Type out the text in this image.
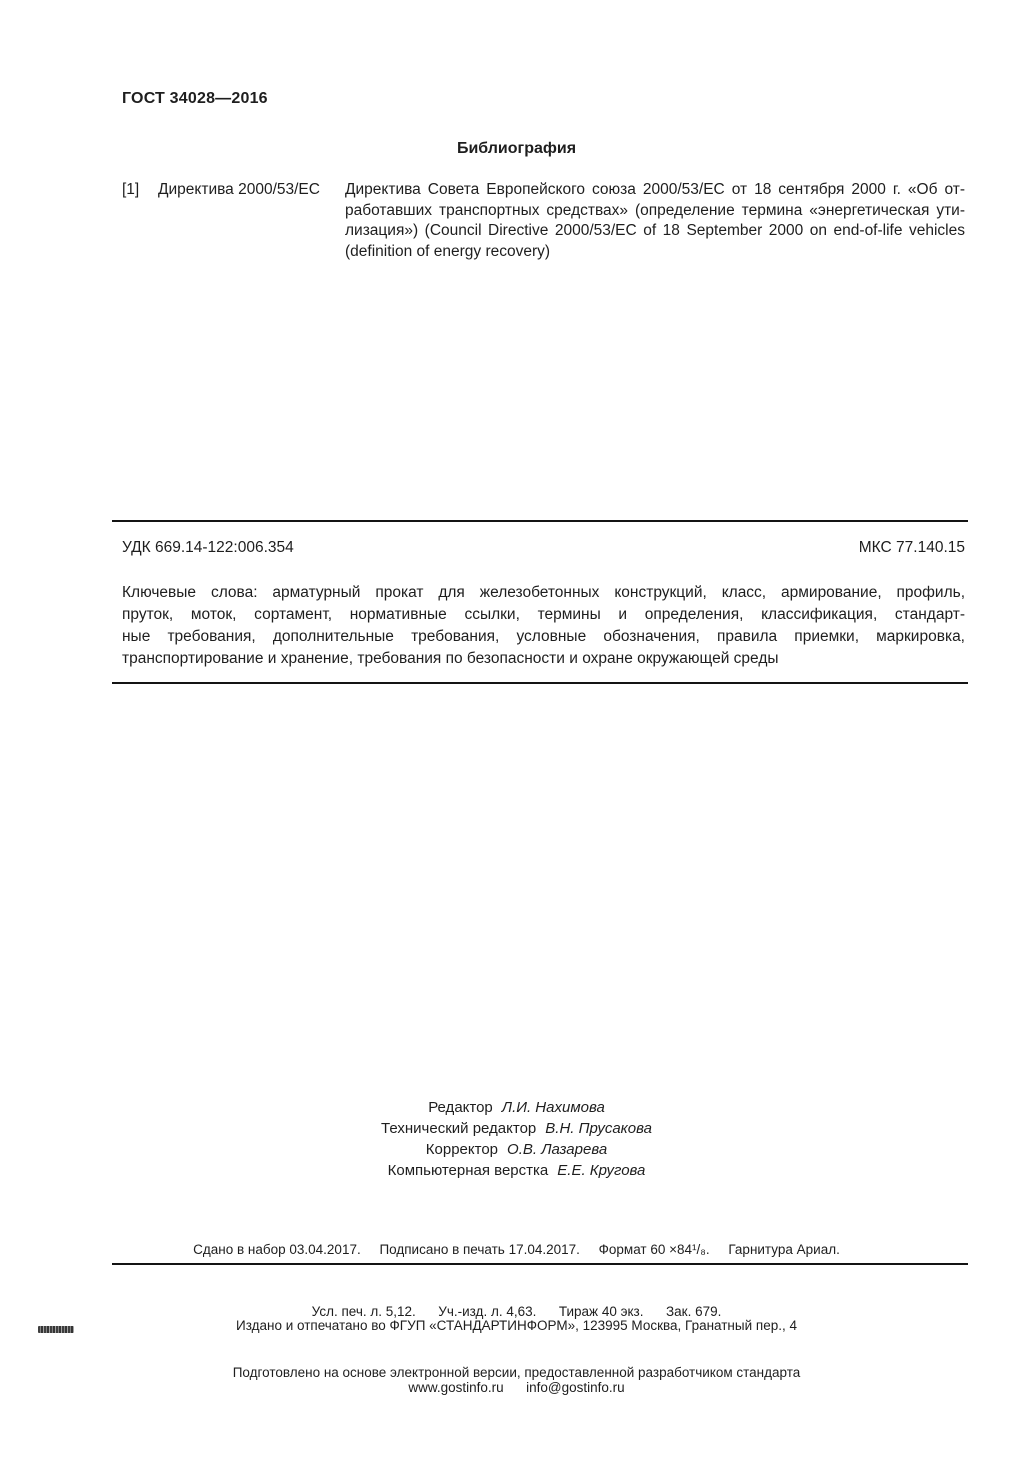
ГОСТ 34028—2016
Библиография
[1]	Директива 2000/53/ЕС	Директива Совета Европейского союза 2000/53/ЕС от 18 сентября 2000 г. «Об от-
работавших транспортных средствах» (определение термина «энергетическая ути-
лизация») (Council Directive 2000/53/EC of 18 September 2000 on end-of-life vehicles
(definition of energy recovery)
УДК 669.14-122:006.354	МКС 77.140.15
Ключевые слова: арматурный прокат для железобетонных конструкций, класс, армирование, профиль,
пруток, моток, сортамент, нормативные ссылки, термины и определения, классификация, стандарт-
ные требования, дополнительные требования, условные обозначения, правила приемки, маркировка,
транспортирование и хранение, требования по безопасности и охране окружающей среды
Редактор Л.И. Нахимова
Технический редактор В.Н. Прусакова
Корректор О.В. Лазарева
Компьютерная верстка Е.Е. Кругова

Сдано в набор 03.04.2017.     Подписано в печать 17.04.2017.     Формат 60 ×84¹/₈.     Гарнитура Ариал.

Усл. печ. л. 5,12.      Уч.-изд. л. 4,63.      Тираж 40 экз.      Зак. 679.

Подготовлено на основе электронной версии, предоставленной разработчиком стандарта

Издано и отпечатано во ФГУП «СТАНДАРТИНФОРМ», 123995 Москва, Гранатный пер., 4

www.gostinfo.ru      info@gostinfo.ru
